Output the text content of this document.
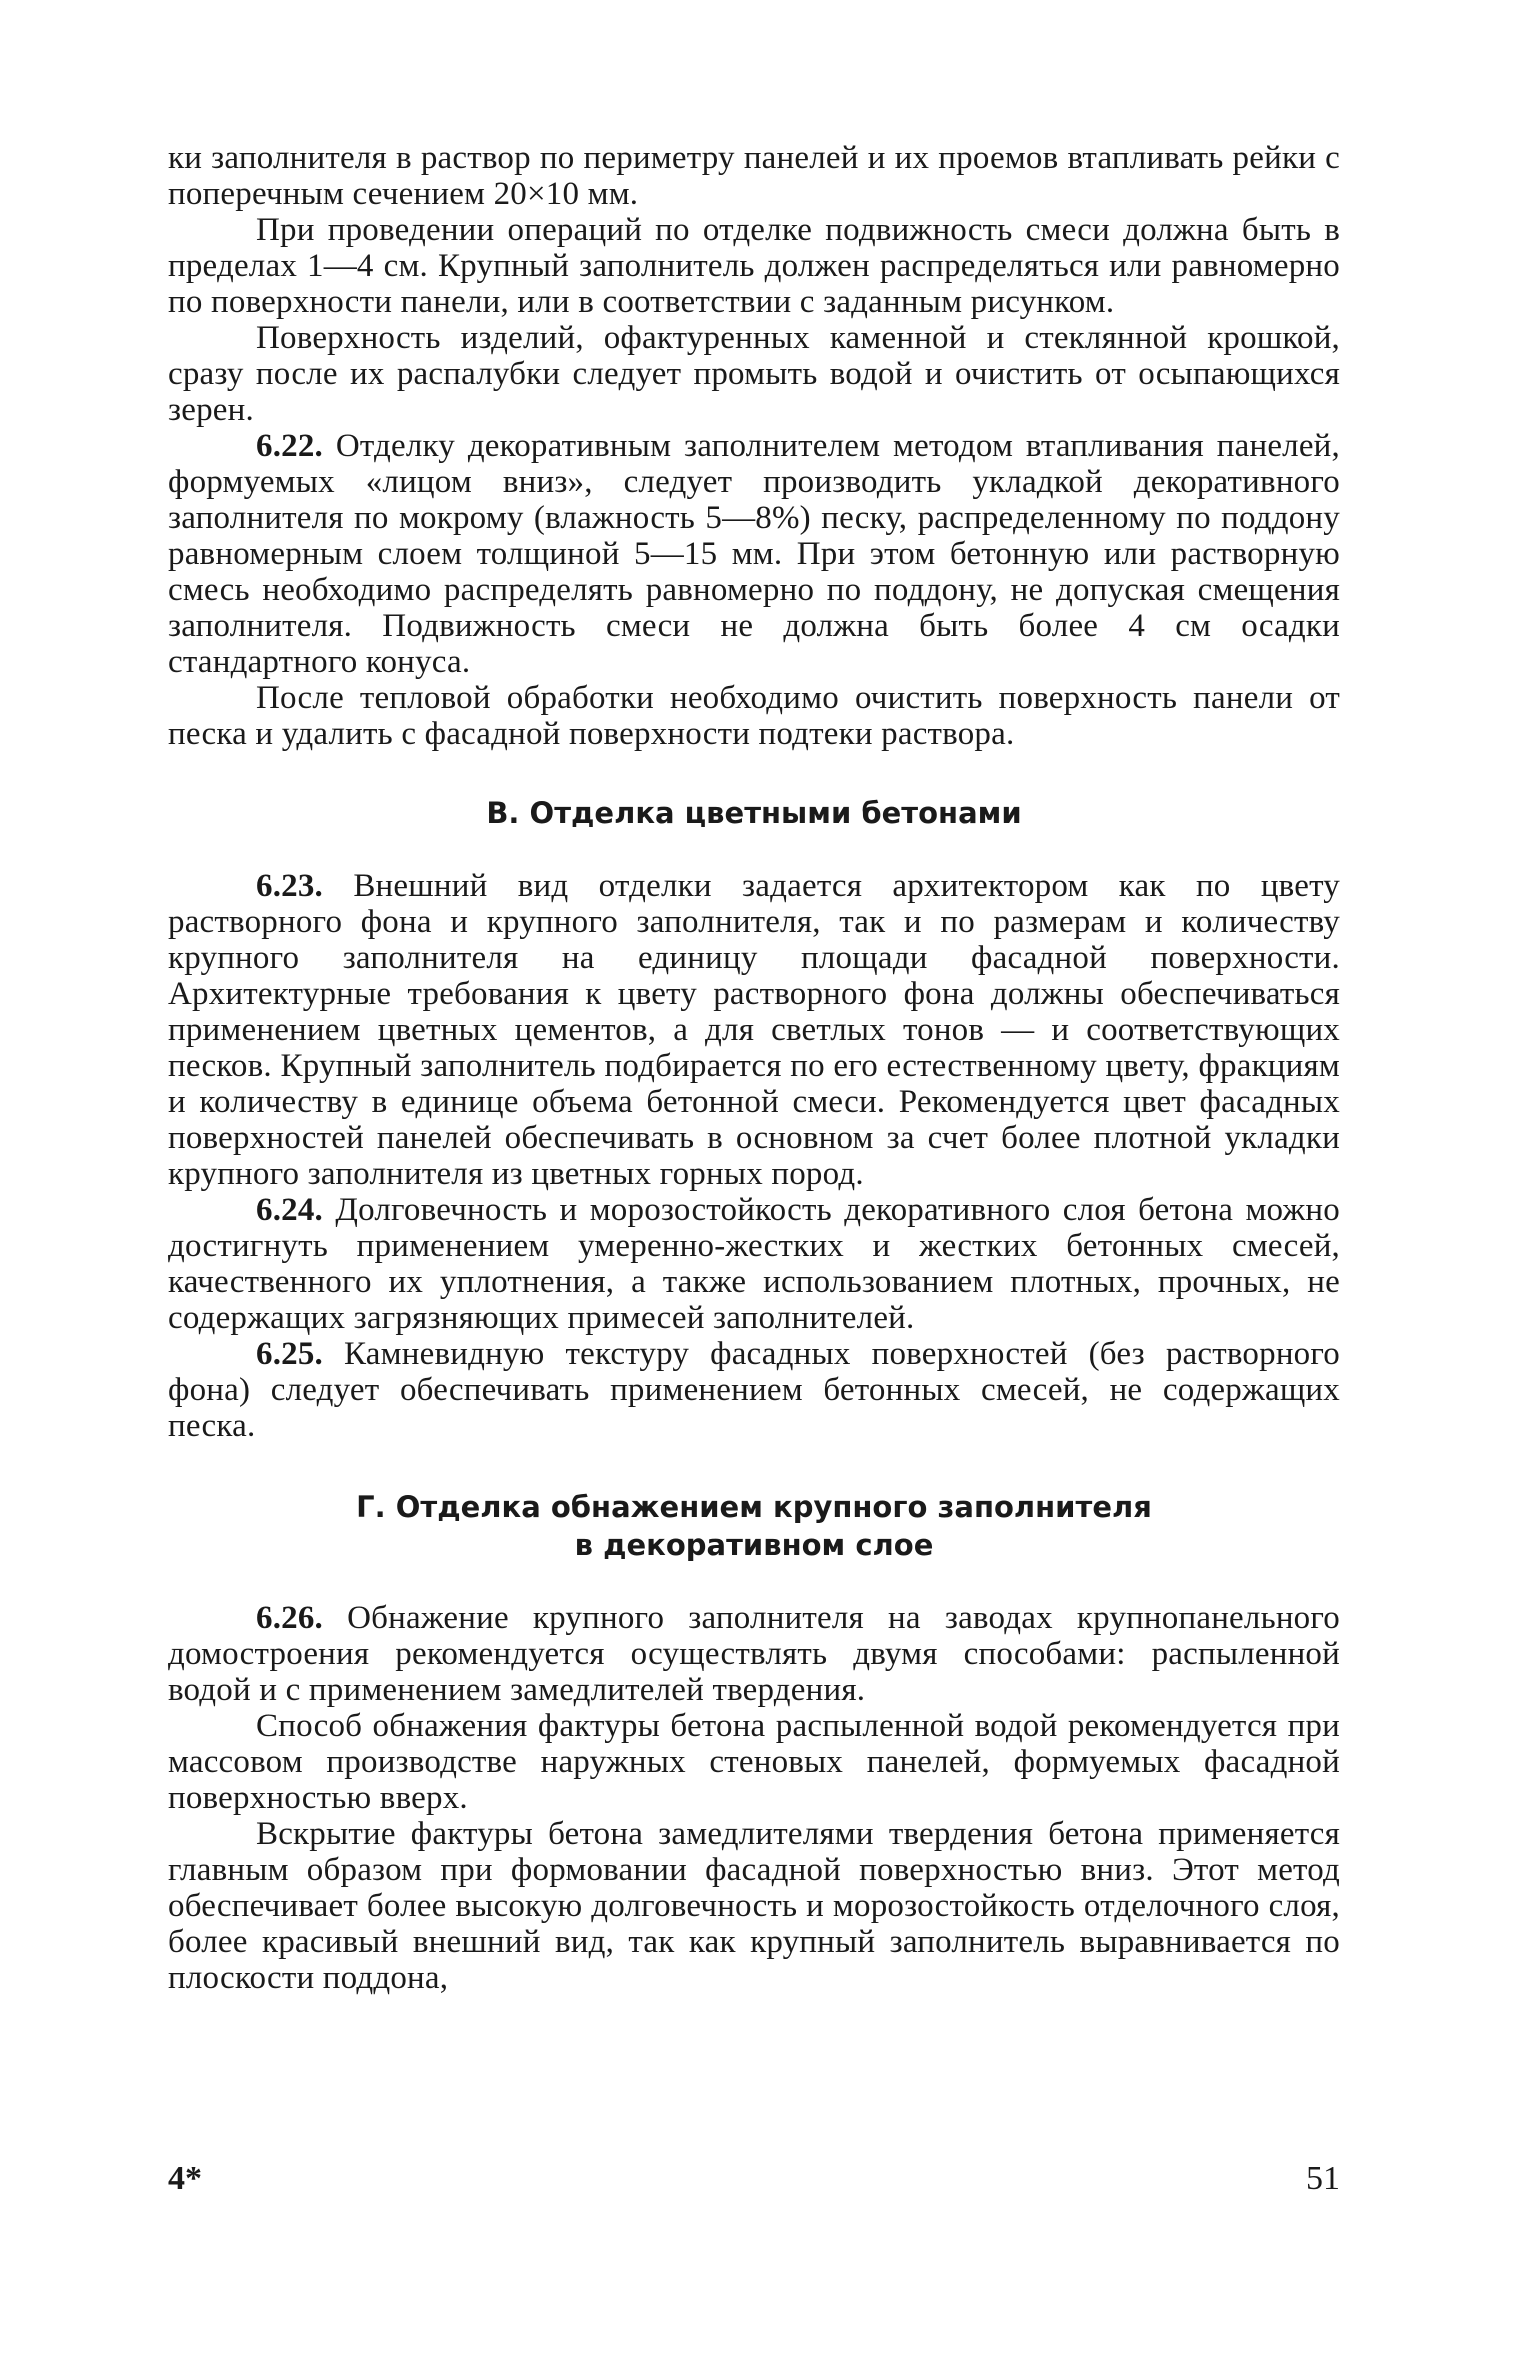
ки заполнителя в раствор по периметру панелей и их проемов втапливать рейки с поперечным сечением 20×10 мм.

При проведении операций по отделке подвижность смеси должна быть в пределах 1—4 см. Крупный заполнитель должен распределяться или равномерно по поверхности панели, или в соответствии с заданным рисунком.

Поверхность изделий, офактуренных каменной и стеклянной крошкой, сразу после их распалубки следует промыть водой и очистить от осыпающихся зерен.

6.22. Отделку декоративным заполнителем методом втапливания панелей, формуемых «лицом вниз», следует производить укладкой декоративного заполнителя по мокрому (влажность 5—8%) песку, распределенному по поддону равномерным слоем толщиной 5—15 мм. При этом бетонную или растворную смесь необходимо распределять равномерно по поддону, не допуская смещения заполнителя. Подвижность смеси не должна быть более 4 см осадки стандартного конуса.

После тепловой обработки необходимо очистить поверхность панели от песка и удалить с фасадной поверхности подтеки раствора.

В. Отделка цветными бетонами

6.23. Внешний вид отделки задается архитектором как по цвету растворного фона и крупного заполнителя, так и по размерам и количеству крупного заполнителя на единицу площади фасадной поверхности. Архитектурные требования к цвету растворного фона должны обеспечиваться применением цветных цементов, а для светлых тонов — и соответствующих песков. Крупный заполнитель подбирается по его естественному цвету, фракциям и количеству в единице объема бетонной смеси. Рекомендуется цвет фасадных поверхностей панелей обеспечивать в основном за счет более плотной укладки крупного заполнителя из цветных горных пород.

6.24. Долговечность и морозостойкость декоративного слоя бетона можно достигнуть применением умеренно-жестких и жестких бетонных смесей, качественного их уплотнения, а также использованием плотных, прочных, не содержащих загрязняющих примесей заполнителей.

6.25. Камневидную текстуру фасадных поверхностей (без растворного фона) следует обеспечивать применением бетонных смесей, не содержащих песка.

Г. Отделка обнажением крупного заполнителя
в декоративном слое

6.26. Обнажение крупного заполнителя на заводах крупнопанельного домостроения рекомендуется осуществлять двумя способами: распыленной водой и с применением замедлителей твердения.

Способ обнажения фактуры бетона распыленной водой рекомендуется при массовом производстве наружных стеновых панелей, формуемых фасадной поверхностью вверх.

Вскрытие фактуры бетона замедлителями твердения бетона применяется главным образом при формовании фасадной поверхностью вниз. Этот метод обеспечивает более высокую долговечность и морозостойкость отделочного слоя, более красивый внешний вид, так как крупный заполнитель выравнивается по плоскости поддона,

4*	51
